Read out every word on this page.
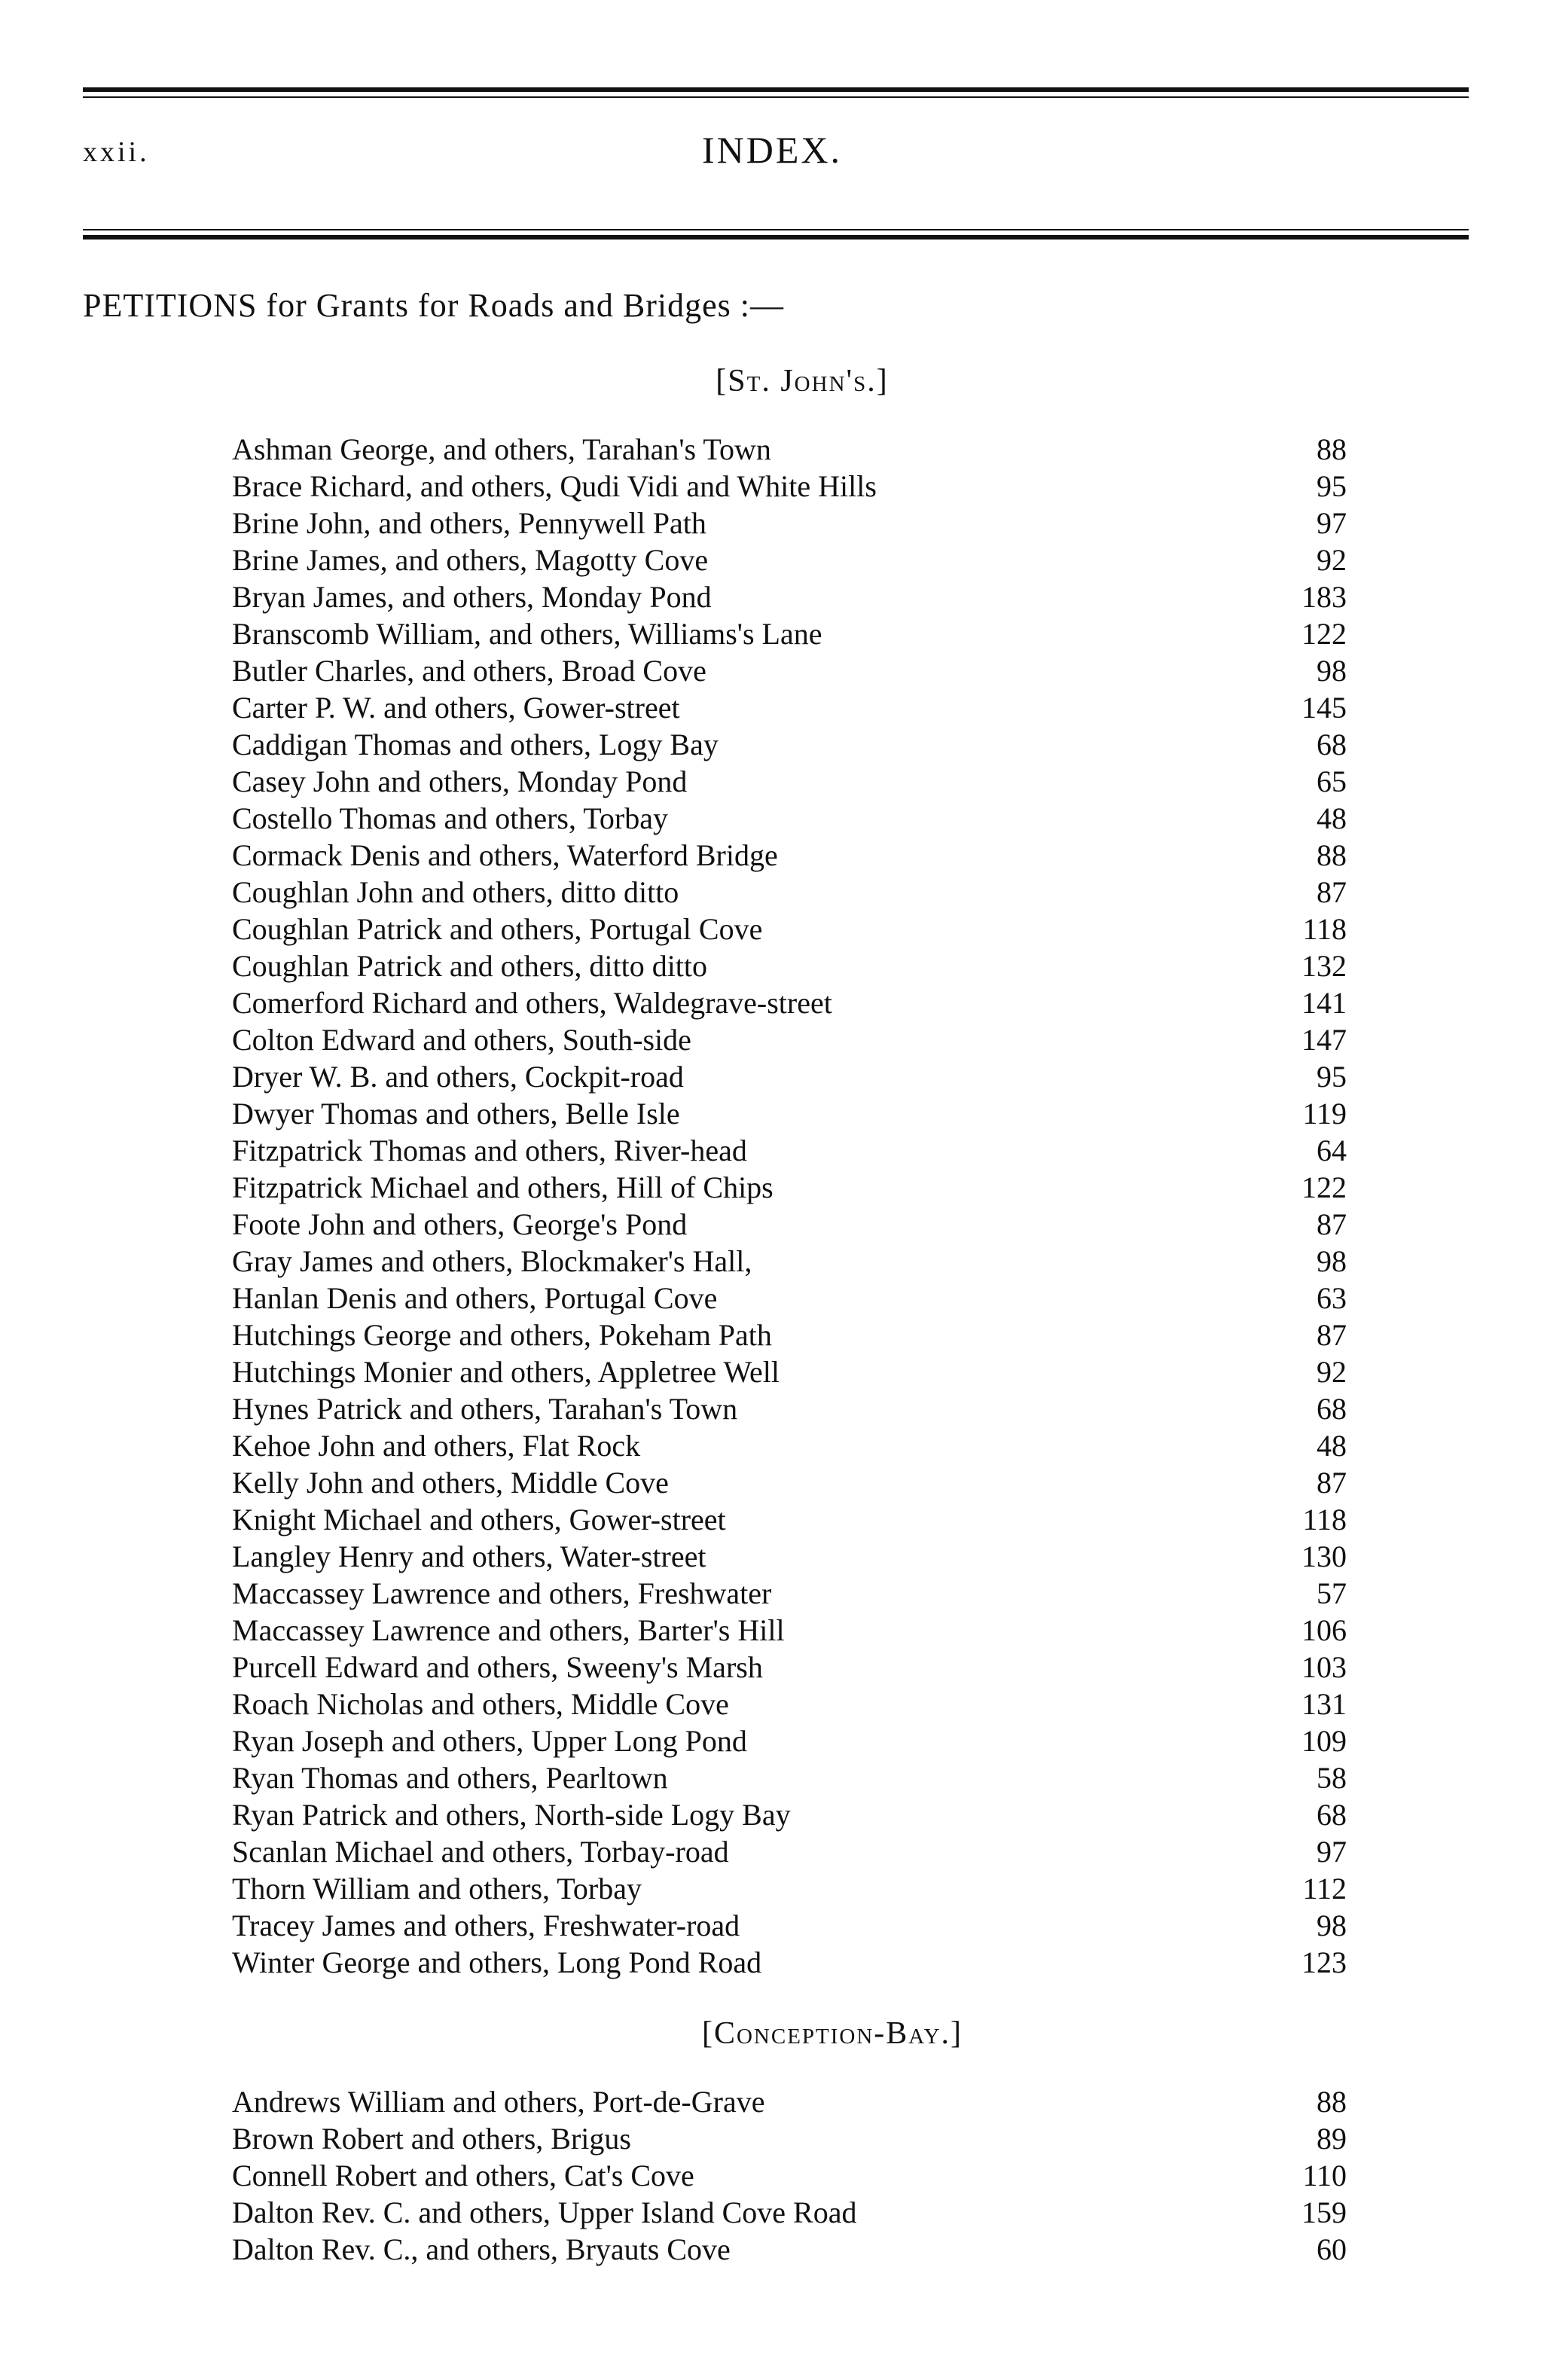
xxii.	INDEX.
PETITIONS for Grants for Roads and Bridges :—
[St. John's.]
Ashman George, and others, Tarahan's Town	88
Brace Richard, and others, Qudi Vidi and White Hills	95
Brine John, and others, Pennywell Path	97
Brine James, and others, Magotty Cove	92
Bryan James, and others, Monday Pond	183
Branscomb William, and others, Williams's Lane	122
Butler Charles, and others, Broad Cove	98
Carter P. W. and others, Gower-street	145
Caddigan Thomas and others, Logy Bay	68
Casey John and others, Monday Pond	65
Costello Thomas and others, Torbay	48
Cormack Denis and others, Waterford Bridge	88
Coughlan John and others, ditto ditto	87
Coughlan Patrick and others, Portugal Cove	118
Coughlan Patrick and others, ditto ditto	132
Comerford Richard and others, Waldegrave-street	141
Colton Edward and others, South-side	147
Dryer W. B. and others, Cockpit-road	95
Dwyer Thomas and others, Belle Isle	119
Fitzpatrick Thomas and others, River-head	64
Fitzpatrick Michael and others, Hill of Chips	122
Foote John and others, George's Pond	87
Gray James and others, Blockmaker's Hall,	98
Hanlan Denis and others, Portugal Cove	63
Hutchings George and others, Pokeham Path	87
Hutchings Monier and others, Appletree Well	92
Hynes Patrick and others, Tarahan's Town	68
Kehoe John and others, Flat Rock	48
Kelly John and others, Middle Cove	87
Knight Michael and others, Gower-street	118
Langley Henry and others, Water-street	130
Maccassey Lawrence and others, Freshwater	57
Maccassey Lawrence and others, Barter's Hill	106
Purcell Edward and others, Sweeny's Marsh	103
Roach Nicholas and others, Middle Cove	131
Ryan Joseph and others, Upper Long Pond	109
Ryan Thomas and others, Pearltown	58
Ryan Patrick and others, North-side Logy Bay	68
Scanlan Michael and others, Torbay-road	97
Thorn William and others, Torbay	112
Tracey James and others, Freshwater-road	98
Winter George and others, Long Pond Road	123
[Conception-Bay.]
Andrews William and others, Port-de-Grave	88
Brown Robert and others, Brigus	89
Connell Robert and others, Cat's Cove	110
Dalton Rev. C. and others, Upper Island Cove Road	159
Dalton Rev. C., and others, Bryauts Cove	60
